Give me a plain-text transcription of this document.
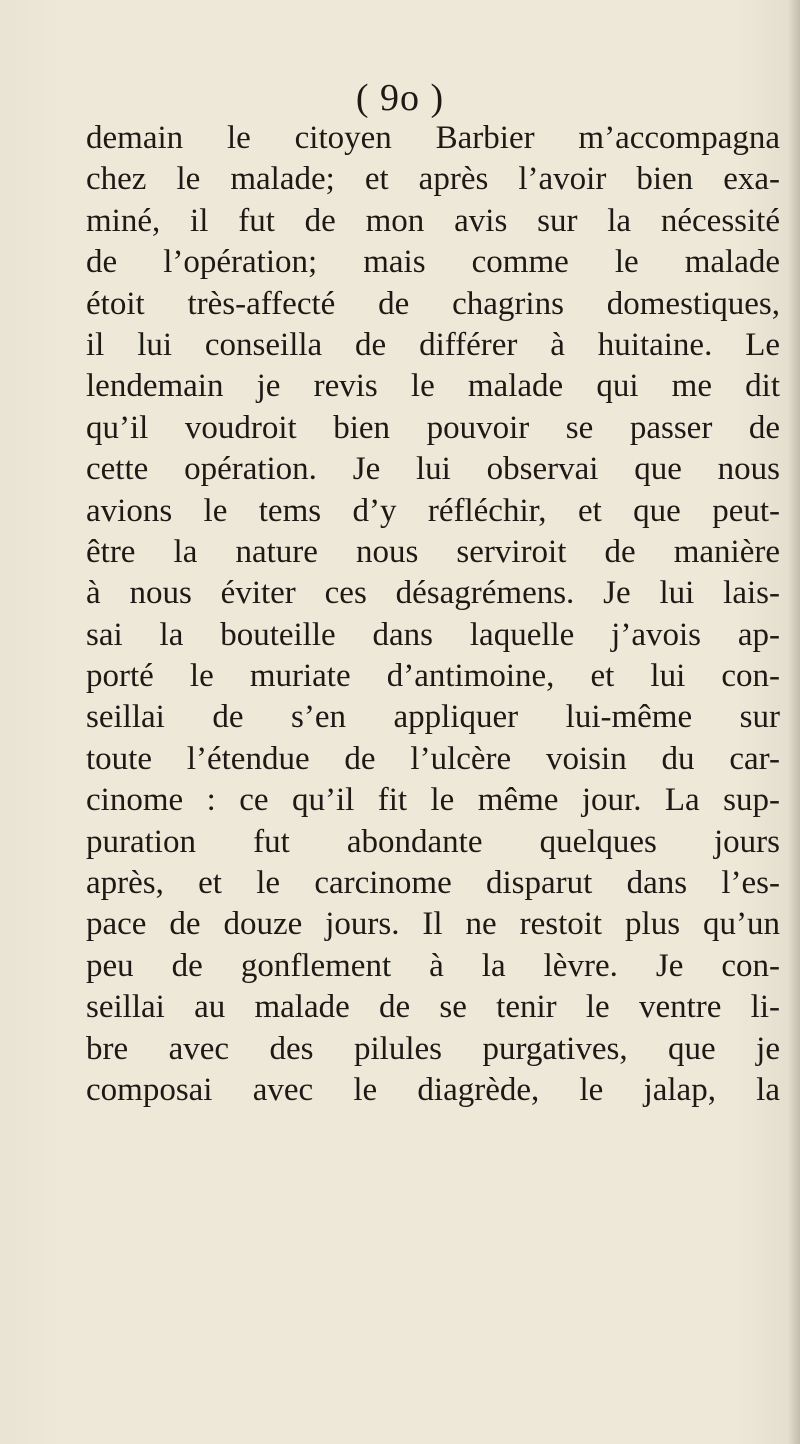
( 9o )
demain le citoyen Barbier m’accompagna
chez le malade; et après l’avoir bien exa-
miné, il fut de mon avis sur la nécessité
de l’opération; mais comme le malade
étoit très-affecté de chagrins domestiques,
il lui conseilla de différer à huitaine. Le
lendemain je revis le malade qui me dit
qu’il voudroit bien pouvoir se passer de
cette opération. Je lui observai que nous
avions le tems d’y réfléchir, et que peut-
être la nature nous serviroit de manière
à nous éviter ces désagrémens. Je lui lais-
sai la bouteille dans laquelle j’avois ap-
porté le muriate d’antimoine, et lui con-
seillai de s’en appliquer lui-même sur
toute l’étendue de l’ulcère voisin du car-
cinome : ce qu’il fit le même jour. La sup-
puration fut abondante quelques jours
après, et le carcinome disparut dans l’es-
pace de douze jours. Il ne restoit plus qu’un
peu de gonflement à la lèvre. Je con-
seillai au malade de se tenir le ventre li-
bre avec des pilules purgatives, que je
composai avec le diagrède, le jalap, la
